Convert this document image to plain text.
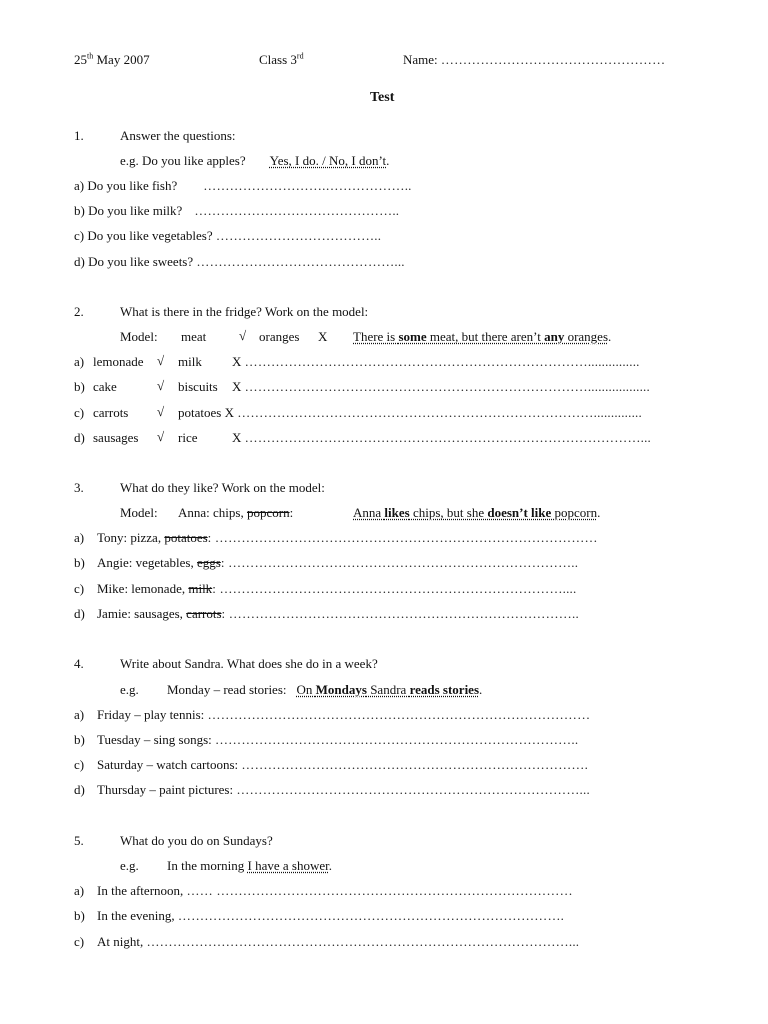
25th May 2007	Class 3rd	Name: ……………………………………………
Test
1.	Answer the questions:
e.g. Do you like apples? Yes, I do. / No, I don’t.
a) Do you like fish? ……………………….………………..
b) Do you like milk? ………………………………………..
c) Do you like vegetables? ………………………………..
d) Do you like sweets? ………………………………………...
2.	What is there in the fridge? Work on the model:
Model: meat	√ oranges X There is some meat, but there aren’t any oranges.
a) lemonade √ milk X ……………………………………………………………………...............
b) cake	√ biscuits X ……………………………………………………………………..................
c) carrots √ potatoes X ………………………………………………………………………..............
d) sausages √ rice	X ………………………………………………………………………………...
3.	What do they like? Work on the model:
Model: Anna: chips, popcorn:	Anna likes chips, but she doesn’t like popcorn.
a) Tony: pizza, potatoes: ……………………………………………………………………………
b) Angie: vegetables, eggs: ……………………………………………………………………..
c) Mike: lemonade, milk: ……………………………………………………………………....
d) Jamie: sausages, carrots: ……………………………………………………………………..
4.	Write about Sandra. What does she do in a week?
e.g. Monday – read stories: On Mondays Sandra reads stories.
a) Friday – play tennis: ……………………………………………………………………………
b) Tuesday – sing songs: ………………………………………………………………………..
c) Saturday – watch cartoons: …………………………………………………………………….
d) Thursday – paint pictures: ……………………………………………………………………...
5.	What do you do on Sundays?
e.g. In the morning I have a shower.
a) In the afternoon, …… ………………………………………………………………………
b) In the evening, …………………………………………………………………………….
c) At night, ……………………………………………………………………………………...
